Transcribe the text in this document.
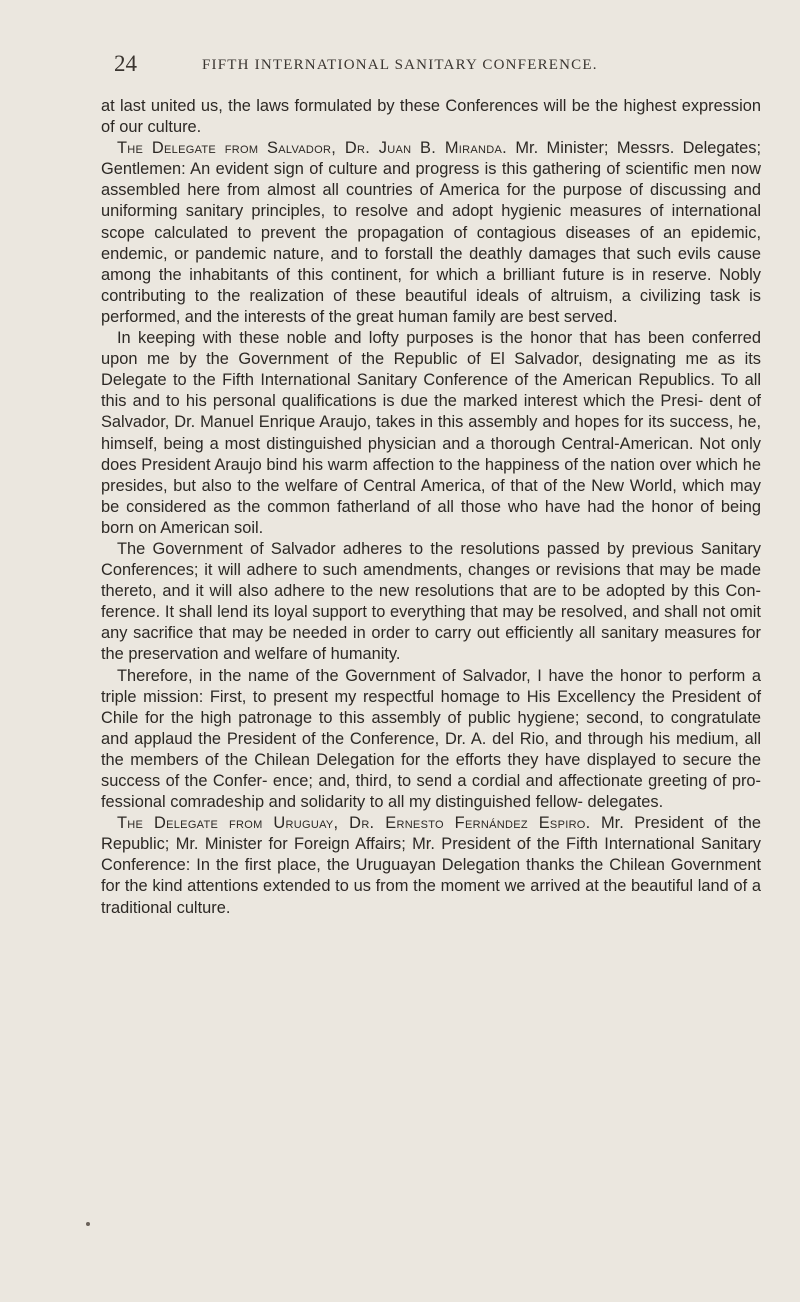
24	FIFTH INTERNATIONAL SANITARY CONFERENCE.

at last united us, the laws formulated by these Conferences will be the highest expression of our culture.

The Delegate from Salvador, Dr. Juan B. Miranda. Mr. Minister; Messrs. Delegates; Gentlemen: An evident sign of culture and progress is this gathering of scientific men now assembled here from almost all countries of America for the purpose of discussing and uniforming sanitary principles, to resolve and adopt hygienic measures of international scope calculated to prevent the propagation of contagious diseases of an epidemic, endemic, or pandemic nature, and to forstall the deathly damages that such evils cause among the inhabitants of this continent, for which a brilliant future is in reserve. Nobly contributing to the realization of these beautiful ideals of altruism, a civilizing task is performed, and the interests of the great human family are best served.

In keeping with these noble and lofty purposes is the honor that has been conferred upon me by the Government of the Republic of El Salvador, designating me as its Delegate to the Fifth International Sanitary Conference of the American Republics. To all this and to his personal qualifications is due the marked interest which the Presi- dent of Salvador, Dr. Manuel Enrique Araujo, takes in this assembly and hopes for its success, he, himself, being a most distinguished physician and a thorough Central-American. Not only does President Araujo bind his warm affection to the happiness of the nation over which he presides, but also to the welfare of Central America, of that of the New World, which may be considered as the common fatherland of all those who have had the honor of being born on American soil.

The Government of Salvador adheres to the resolutions passed by previous Sanitary Conferences; it will adhere to such amendments, changes or revisions that may be made thereto, and it will also adhere to the new resolutions that are to be adopted by this Con- ference. It shall lend its loyal support to everything that may be resolved, and shall not omit any sacrifice that may be needed in order to carry out efficiently all sanitary measures for the preservation and welfare of humanity.

Therefore, in the name of the Government of Salvador, I have the honor to perform a triple mission: First, to present my respectful homage to His Excellency the President of Chile for the high patronage to this assembly of public hygiene; second, to congratulate and applaud the President of the Conference, Dr. A. del Rio, and through his medium, all the members of the Chilean Delegation for the efforts they have displayed to secure the success of the Confer- ence; and, third, to send a cordial and affectionate greeting of pro- fessional comradeship and solidarity to all my distinguished fellow- delegates.

The Delegate from Uruguay, Dr. Ernesto Fernández Espiro. Mr. President of the Republic; Mr. Minister for Foreign Affairs; Mr. President of the Fifth International Sanitary Conference: In the first place, the Uruguayan Delegation thanks the Chilean Government for the kind attentions extended to us from the moment we arrived at the beautiful land of a traditional culture.
